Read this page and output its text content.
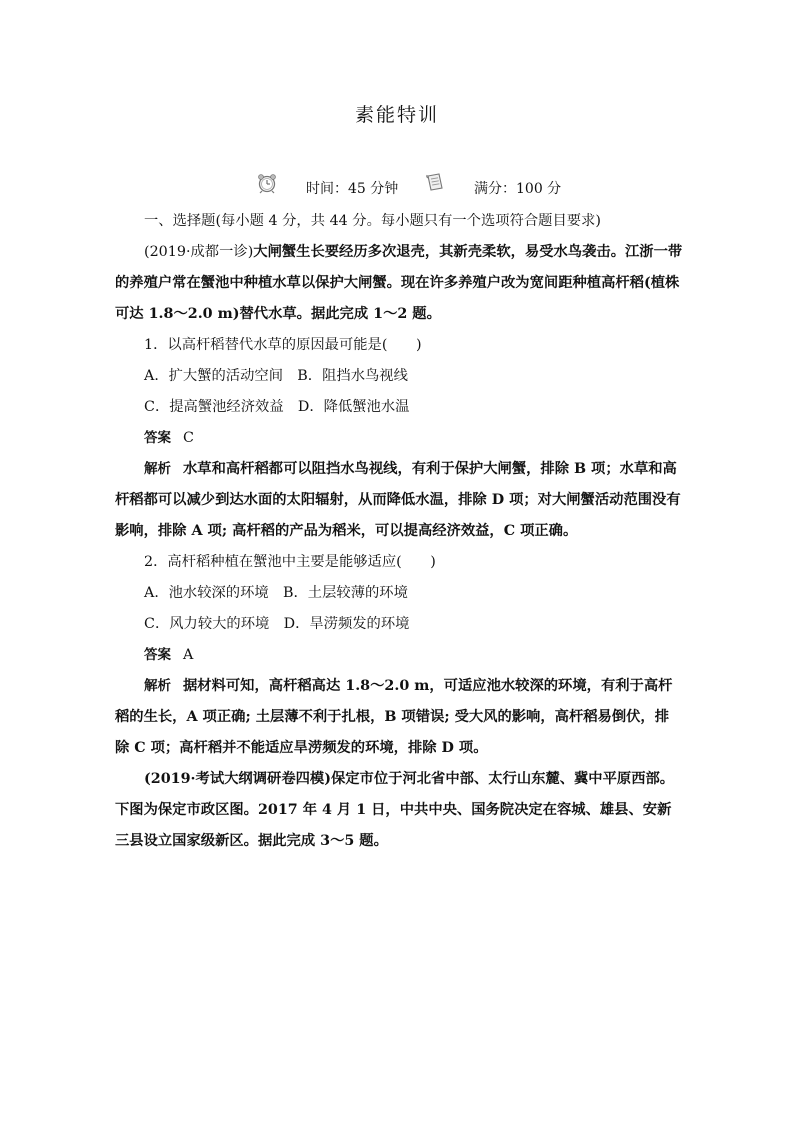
素能特训
时间：45 分钟	满分：100 分

一、选择题(每小题 4 分，共 44 分。每小题只有一个选项符合题目要求)

(2019·成都一诊)大闸蟹生长要经历多次退壳，其新壳柔软，易受水鸟袭击。江浙一带的养殖户常在蟹池中种植水草以保护大闸蟹。现在许多养殖户改为宽间距种植高杆稻(植株可达 1.8～2.0 m)替代水草。据此完成 1～2 题。

1．以高杆稻替代水草的原因最可能是(　　)

A．扩大蟹的活动空间　B．阻挡水鸟视线

C．提高蟹池经济效益　D．降低蟹池水温

答案 C

解析 水草和高杆稻都可以阻挡水鸟视线，有利于保护大闸蟹，排除 B 项；水草和高杆稻都可以减少到达水面的太阳辐射，从而降低水温，排除 D 项；对大闸蟹活动范围没有影响，排除 A 项; 高杆稻的产品为稻米，可以提高经济效益，C 项正确。

2．高杆稻种植在蟹池中主要是能够适应(　　)

A．池水较深的环境　B．土层较薄的环境

C．风力较大的环境　D．旱涝频发的环境

答案 A

解析 据材料可知，高杆稻高达 1.8～2.0 m，可适应池水较深的环境，有利于高杆稻的生长，A 项正确; 土层薄不利于扎根，B 项错误; 受大风的影响，高杆稻易倒伏，排除 C 项；高杆稻并不能适应旱涝频发的环境，排除 D 项。

(2019·考试大纲调研卷四模)保定市位于河北省中部、太行山东麓、冀中平原西部。下图为保定市政区图。2017 年 4 月 1 日，中共中央、国务院决定在容城、雄县、安新三县设立国家级新区。据此完成 3～5 题。
